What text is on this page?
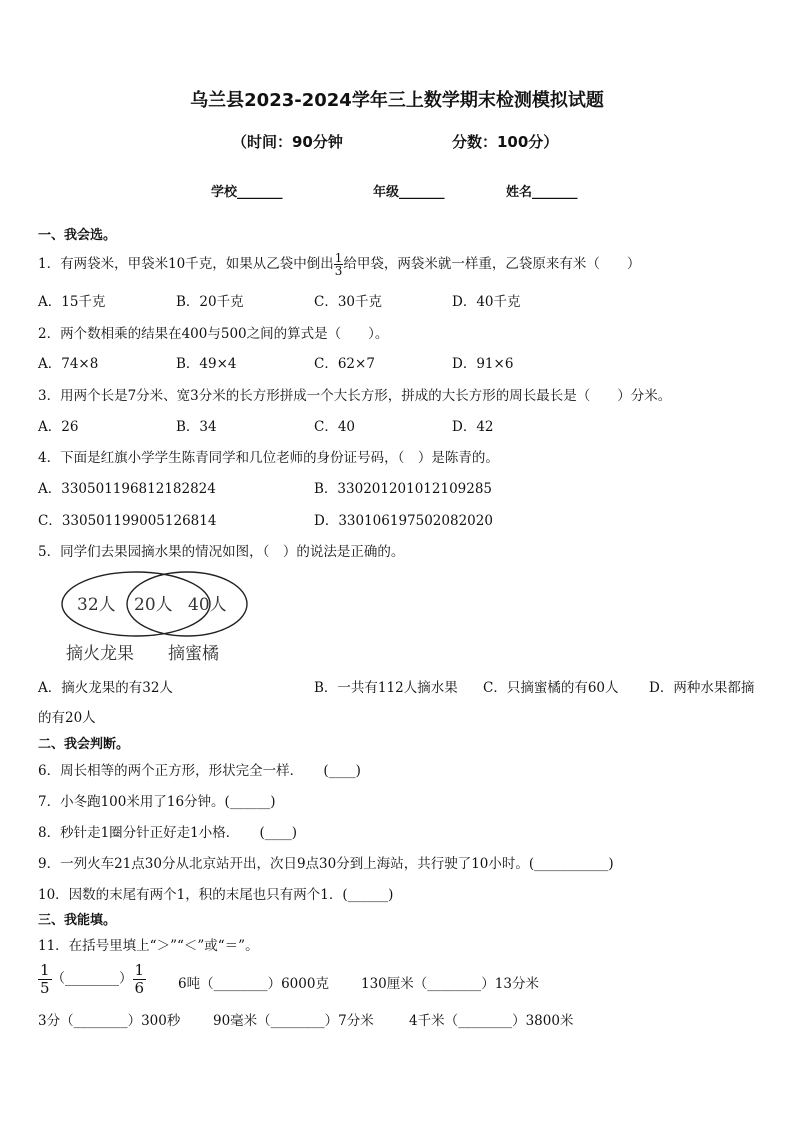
乌兰县2023-2024学年三上数学期末检测模拟试题
（时间：90分钟	分数：100分）
学校_______	年级_______	姓名_______
一、我会选。
1．有两袋米，甲袋米10千克，如果从乙袋中倒出 $\frac{1}{3}$ 给甲袋，两袋米就一样重，乙袋原来有米（　　）
A．15千克	B．20千克	C．30千克	D．40千克
2．两个数相乘的结果在400与500之间的算式是（　　）。
A．74×8	B．49×4	C．62×7	D．91×6
3．用两个长是7分米、宽3分米的长方形拼成一个大长方形，拼成的大长方形的周长最长是（　　）分米。
A．26	B．34	C．40	D．42
4．下面是红旗小学学生陈青同学和几位老师的身份证号码，（　）是陈青的。
A．330501196812182824	B．330201201012109285
C．330501199005126814	D．330106197502082020
5．同学们去果园摘水果的情况如图，（　）的说法是正确的。
32人 20人 40人
摘火龙果 摘蜜橘
A．摘火龙果的有32人	B．一共有112人摘水果 C．只摘蜜橘的有60人 D．两种水果都摘
的有20人
二、我会判断。
6．周长相等的两个正方形，形状完全一样．　　(____)
7．小冬跑100米用了16分钟。(______)
8．秒针走1圈分针正好走1小格．　　(____)
9．一列火车21点30分从北京站开出，次日9点30分到上海站，共行驶了10小时。(___________)
10．因数的末尾有两个1，积的末尾也只有两个1．(______)
三、我能填。
11．在括号里填上“＞”“＜”或“＝”。
$\frac{1}{5}$ （________） $\frac{1}{6} 6$吨（________）6000克 130厘米（________）13分米
3分（________）300秒 90毫米（________）7分米	4千米（________）3800米
